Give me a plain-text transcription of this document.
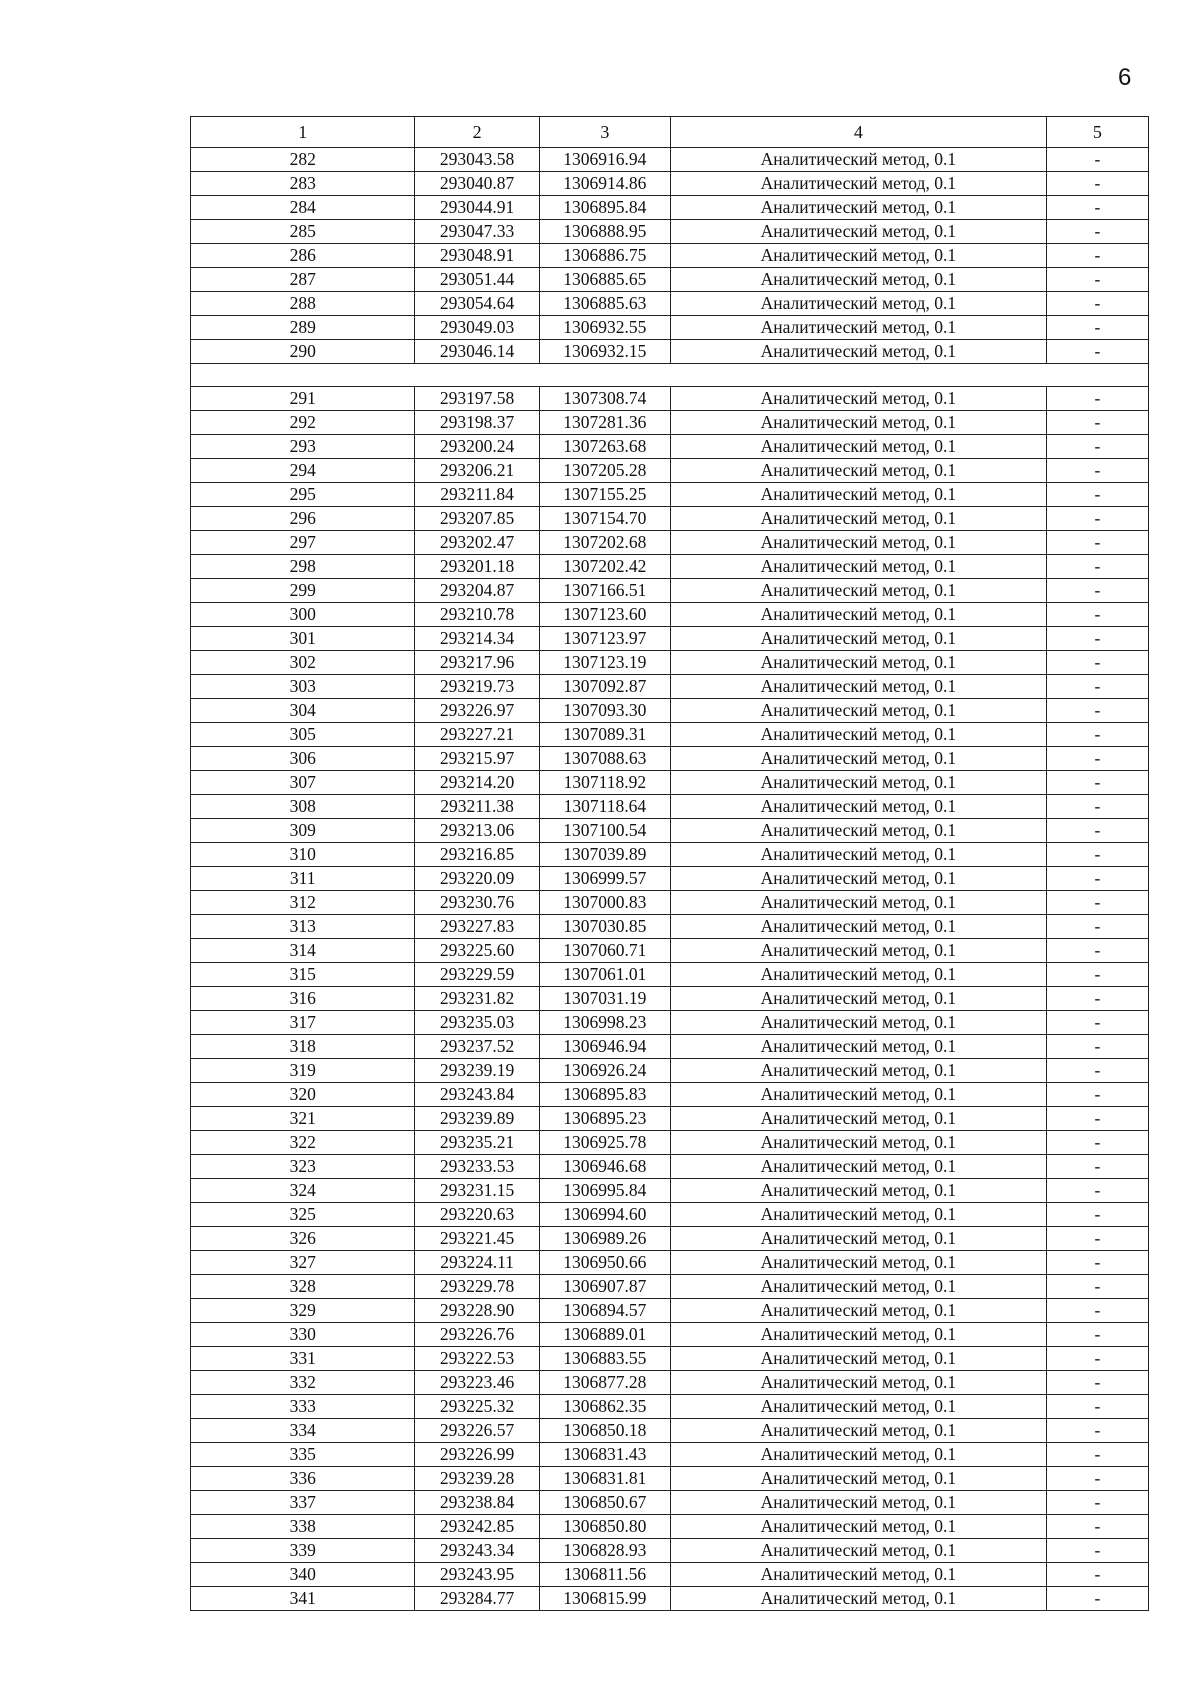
6
1	2	3	4	5
282	293043.58	1306916.94	Аналитический метод, 0.1	-
283	293040.87	1306914.86	Аналитический метод, 0.1	-
284	293044.91	1306895.84	Аналитический метод, 0.1	-
285	293047.33	1306888.95	Аналитический метод, 0.1	-
286	293048.91	1306886.75	Аналитический метод, 0.1	-
287	293051.44	1306885.65	Аналитический метод, 0.1	-
288	293054.64	1306885.63	Аналитический метод, 0.1	-
289	293049.03	1306932.55	Аналитический метод, 0.1	-
290	293046.14	1306932.15	Аналитический метод, 0.1	-

291	293197.58	1307308.74	Аналитический метод, 0.1	-
292	293198.37	1307281.36	Аналитический метод, 0.1	-
293	293200.24	1307263.68	Аналитический метод, 0.1	-
294	293206.21	1307205.28	Аналитический метод, 0.1	-
295	293211.84	1307155.25	Аналитический метод, 0.1	-
296	293207.85	1307154.70	Аналитический метод, 0.1	-
297	293202.47	1307202.68	Аналитический метод, 0.1	-
298	293201.18	1307202.42	Аналитический метод, 0.1	-
299	293204.87	1307166.51	Аналитический метод, 0.1	-
300	293210.78	1307123.60	Аналитический метод, 0.1	-
301	293214.34	1307123.97	Аналитический метод, 0.1	-
302	293217.96	1307123.19	Аналитический метод, 0.1	-
303	293219.73	1307092.87	Аналитический метод, 0.1	-
304	293226.97	1307093.30	Аналитический метод, 0.1	-
305	293227.21	1307089.31	Аналитический метод, 0.1	-
306	293215.97	1307088.63	Аналитический метод, 0.1	-
307	293214.20	1307118.92	Аналитический метод, 0.1	-
308	293211.38	1307118.64	Аналитический метод, 0.1	-
309	293213.06	1307100.54	Аналитический метод, 0.1	-
310	293216.85	1307039.89	Аналитический метод, 0.1	-
311	293220.09	1306999.57	Аналитический метод, 0.1	-
312	293230.76	1307000.83	Аналитический метод, 0.1	-
313	293227.83	1307030.85	Аналитический метод, 0.1	-
314	293225.60	1307060.71	Аналитический метод, 0.1	-
315	293229.59	1307061.01	Аналитический метод, 0.1	-
316	293231.82	1307031.19	Аналитический метод, 0.1	-
317	293235.03	1306998.23	Аналитический метод, 0.1	-
318	293237.52	1306946.94	Аналитический метод, 0.1	-
319	293239.19	1306926.24	Аналитический метод, 0.1	-
320	293243.84	1306895.83	Аналитический метод, 0.1	-
321	293239.89	1306895.23	Аналитический метод, 0.1	-
322	293235.21	1306925.78	Аналитический метод, 0.1	-
323	293233.53	1306946.68	Аналитический метод, 0.1	-
324	293231.15	1306995.84	Аналитический метод, 0.1	-
325	293220.63	1306994.60	Аналитический метод, 0.1	-
326	293221.45	1306989.26	Аналитический метод, 0.1	-
327	293224.11	1306950.66	Аналитический метод, 0.1	-
328	293229.78	1306907.87	Аналитический метод, 0.1	-
329	293228.90	1306894.57	Аналитический метод, 0.1	-
330	293226.76	1306889.01	Аналитический метод, 0.1	-
331	293222.53	1306883.55	Аналитический метод, 0.1	-
332	293223.46	1306877.28	Аналитический метод, 0.1	-
333	293225.32	1306862.35	Аналитический метод, 0.1	-
334	293226.57	1306850.18	Аналитический метод, 0.1	-
335	293226.99	1306831.43	Аналитический метод, 0.1	-
336	293239.28	1306831.81	Аналитический метод, 0.1	-
337	293238.84	1306850.67	Аналитический метод, 0.1	-
338	293242.85	1306850.80	Аналитический метод, 0.1	-
339	293243.34	1306828.93	Аналитический метод, 0.1	-
340	293243.95	1306811.56	Аналитический метод, 0.1	-
341	293284.77	1306815.99	Аналитический метод, 0.1	-
